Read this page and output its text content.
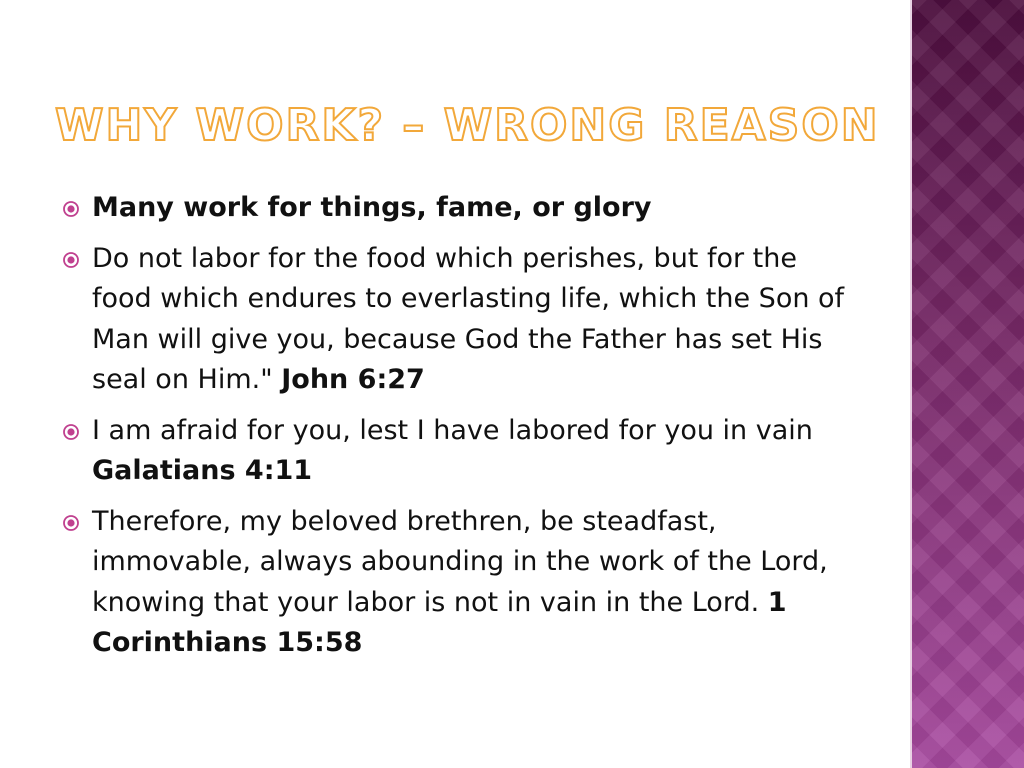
WHY WORK? – WRONG REASON
Many work for things, fame, or glory
Do not labor for the food which perishes, but for the food which endures to everlasting life, which the Son of Man will give you, because God the Father has set His seal on Him." John 6:27
I am afraid for you, lest I have labored for you in vain Galatians 4:11
Therefore, my beloved brethren, be steadfast, immovable, always abounding in the work of the Lord, knowing that your labor is not in vain in the Lord. 1 Corinthians 15:58
